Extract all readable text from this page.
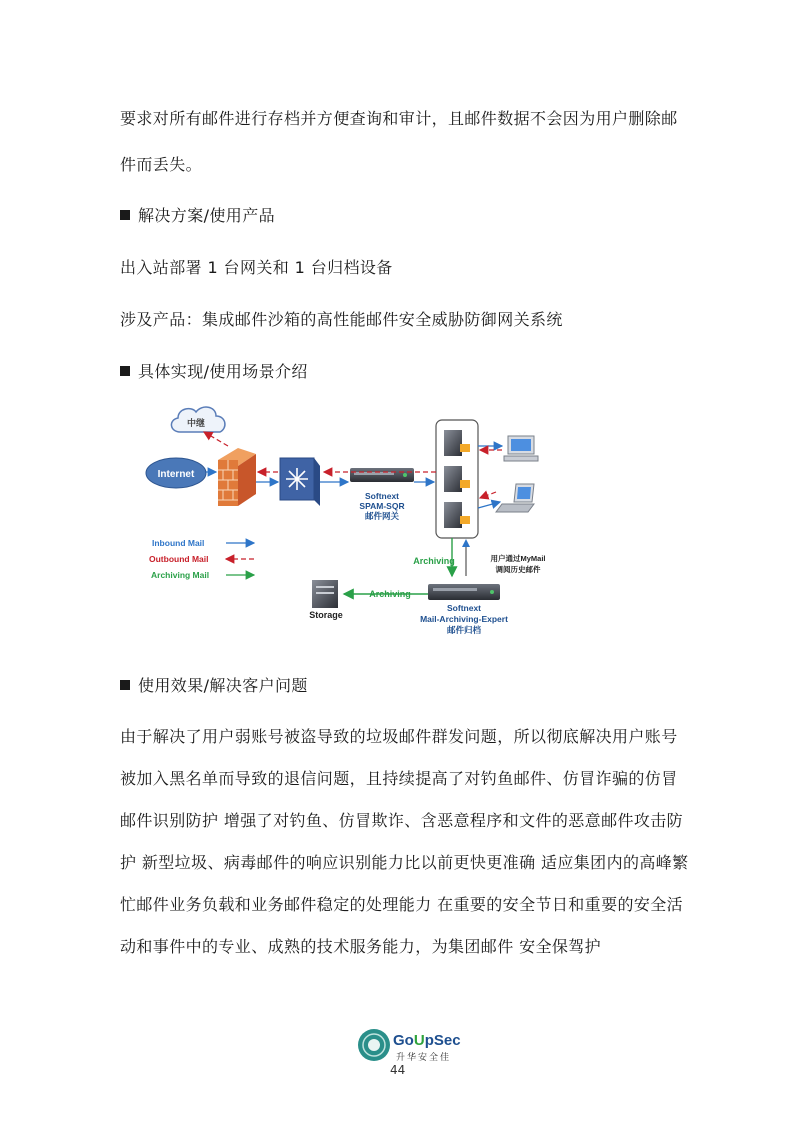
要求对所有邮件进行存档并方便查询和审计，且邮件数据不会因为用户删除邮

件而丢失。

解决方案/使用产品

出入站部署 1 台网关和 1 台归档设备

涉及产品：集成邮件沙箱的高性能邮件安全威胁防御网关系统

具体实现/使用场景介绍

中继
Internet
Softnext
SPAM-SQR
邮件网关
Archiving	用户通过MyMail
调阅历史邮件
Archiving
Softnext
Mail-Archiving-Expert
邮件归档
Storage
Inbound Mail
Outbound Mail
Archiving Mail

使用效果/解决客户问题

由于解决了用户弱账号被盗导致的垃圾邮件群发问题，所以彻底解决用户账号

被加入黑名单而导致的退信问题，且持续提高了对钓鱼邮件、仿冒诈骗的仿冒

邮件识别防护 增强了对钓鱼、仿冒欺诈、含恶意程序和文件的恶意邮件攻击防

护 新型垃圾、病毒邮件的响应识别能力比以前更快更准确 适应集团内的高峰繁

忙邮件业务负载和业务邮件稳定的处理能力 在重要的安全节日和重要的安全活

动和事件中的专业、成熟的技术服务能力，为集团邮件 安全保驾护

GoUpSec
升华安全佳
44
